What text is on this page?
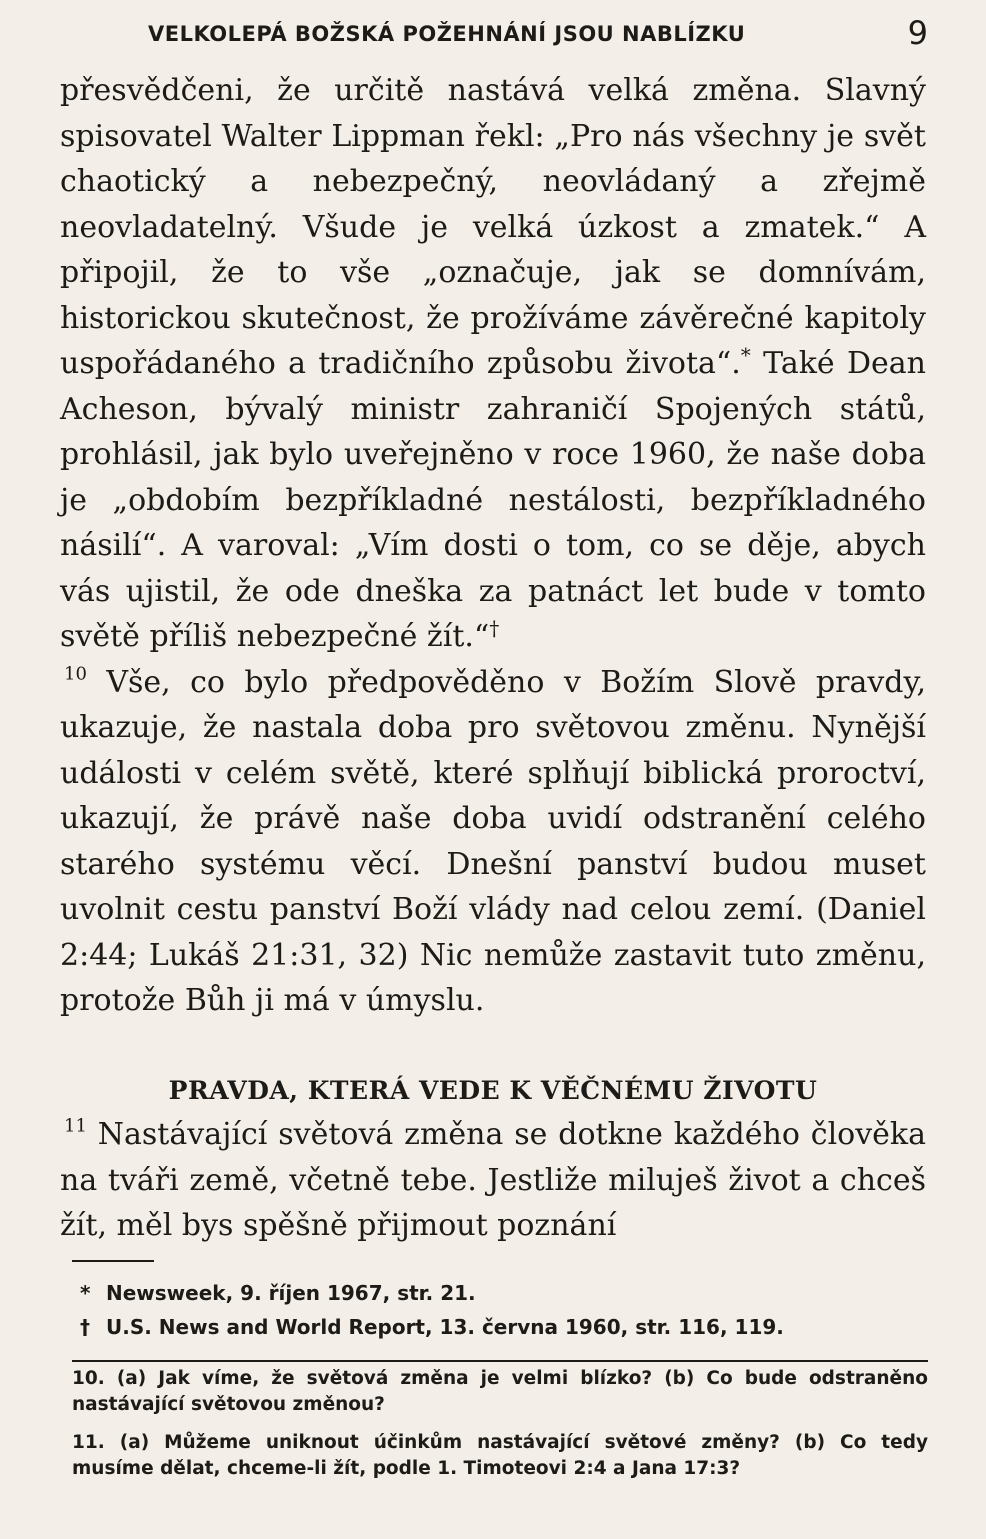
VELKOLEPÁ BOŽSKÁ POŽEHNÁNÍ JSOU NABLÍZKU	9

přesvědčeni, že určitě nastává velká změna. Slavný spisovatel Walter Lippman řekl: „Pro nás všechny je svět chaotický a nebezpečný, neovládaný a zřejmě neovladatelný. Všude je velká úzkost a zmatek.“ A připojil, že to vše „označuje, jak se domnívám, historickou skutečnost, že prožíváme závěrečné kapitoly uspořádaného a tradičního způsobu života“.* Také Dean Acheson, bývalý ministr zahraničí Spojených států, prohlásil, jak bylo uveřejněno v roce 1960, že naše doba je „obdobím bezpříkladné nestálosti, bezpříkladného násilí“. A varoval: „Vím dosti o tom, co se děje, abych vás ujistil, že ode dneška za patnáct let bude v tomto světě příliš nebezpečné žít.“†

$^{10}$ Vše, co bylo předpověděno v Božím Slově pravdy, ukazuje, že nastala doba pro světovou změnu. Nynější události v celém světě, které splňují biblická proroctví, ukazují, že právě naše doba uvidí odstranění celého starého systému věcí. Dnešní panství budou muset uvolnit cestu panství Boží vlády nad celou zemí. (Daniel 2:44; Lukáš 21:31, 32) Nic nemůže zastavit tuto změnu, protože Bůh ji má v úmyslu.

PRAVDA, KTERÁ VEDE K VĚČNÉMU ŽIVOTU

$^{11}$ Nastávající světová změna se dotkne každého člověka na tváři země, včetně tebe. Jestliže miluješ život a chceš žít, měl bys spěšně přijmout poznání

* Newsweek, 9. říjen 1967, str. 21.
† U.S. News and World Report, 13. června 1960, str. 116, 119.

10. (a) Jak víme, že světová změna je velmi blízko? (b) Co bude odstraněno nastávající světovou změnou?

11. (a) Můžeme uniknout účinkům nastávající světové změny? (b) Co tedy musíme dělat, chceme-li žít, podle 1. Timoteovi 2:4 a Jana 17:3?
